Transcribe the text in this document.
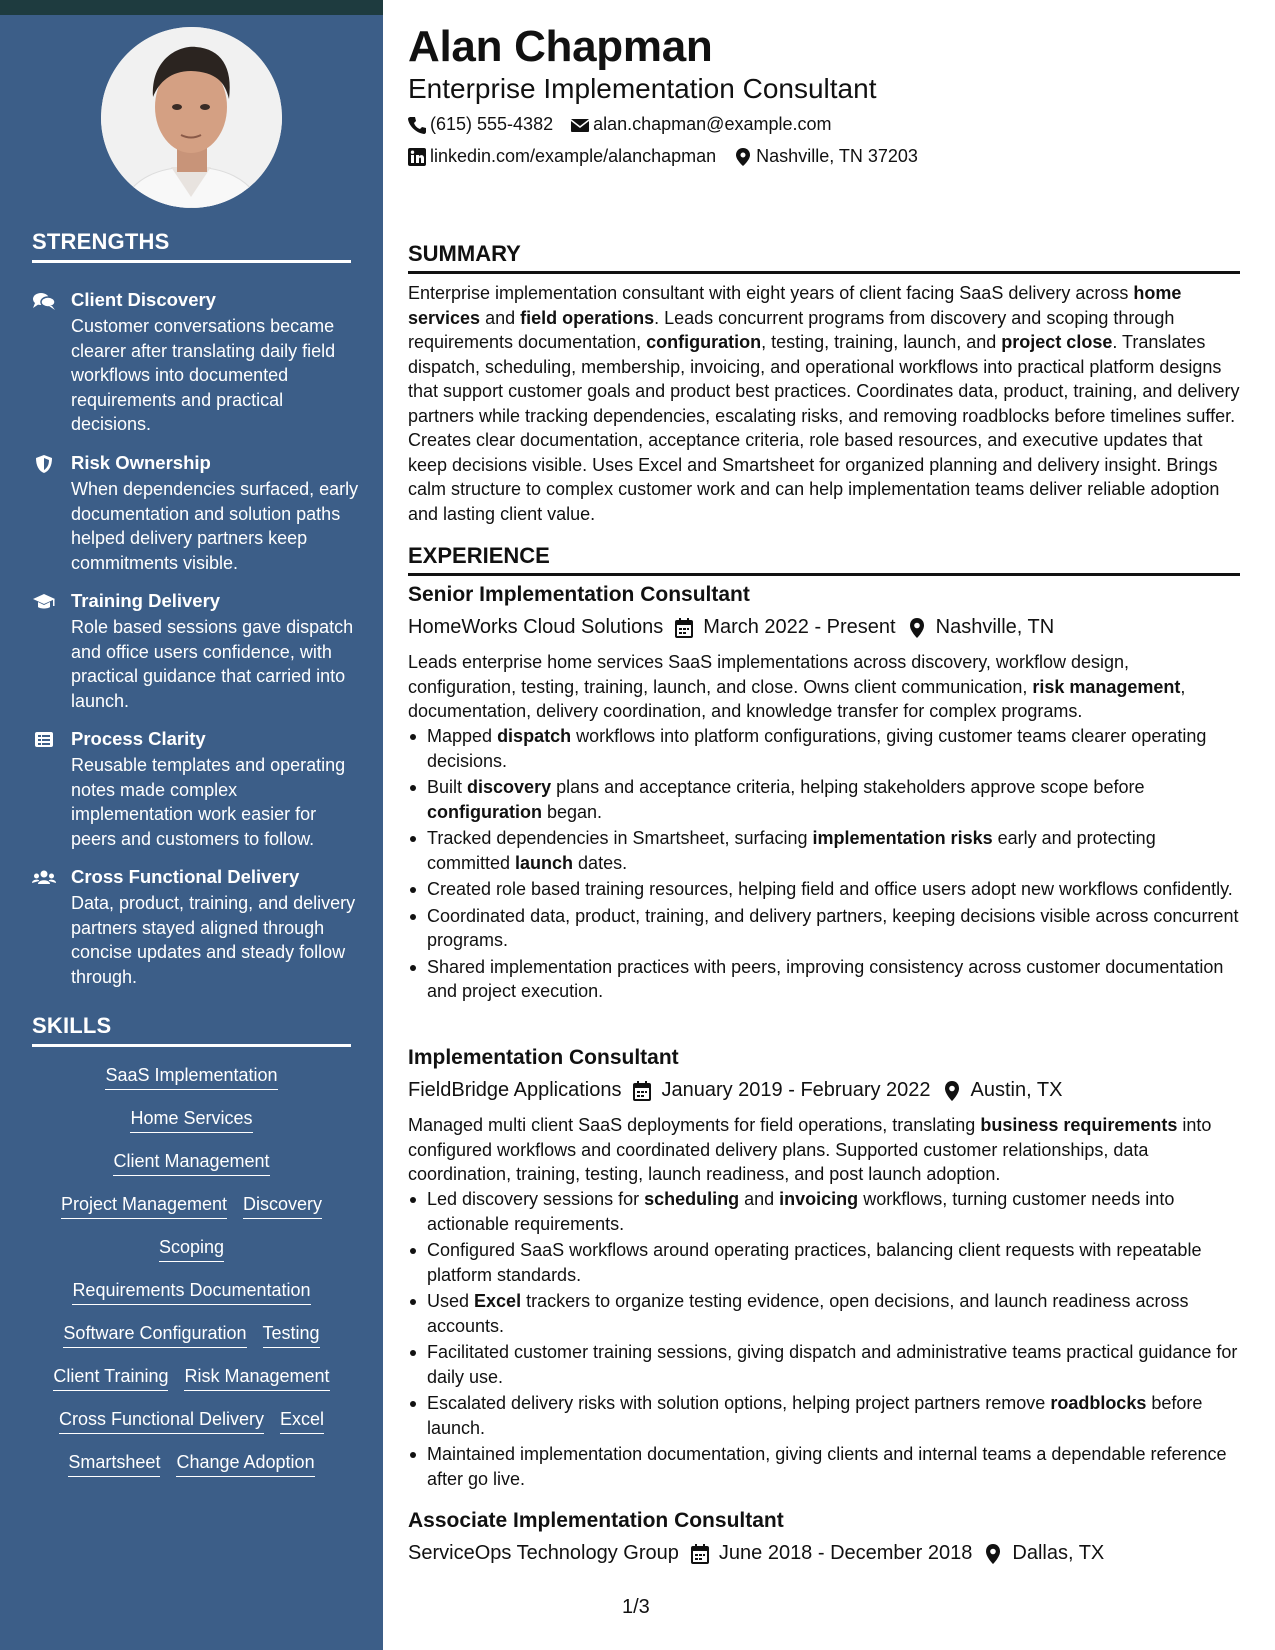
STRENGTHS
Client Discovery
Customer conversations became clearer after translating daily field workflows into documented requirements and practical decisions.
Risk Ownership
When dependencies surfaced, early documentation and solution paths helped delivery partners keep commitments visible.
Training Delivery
Role based sessions gave dispatch and office users confidence, with practical guidance that carried into launch.
Process Clarity
Reusable templates and operating notes made complex implementation work easier for peers and customers to follow.
Cross Functional Delivery
Data, product, training, and delivery partners stayed aligned through concise updates and steady follow through.
SKILLS
SaaS Implementation
Home Services
Client Management
Project Management Discovery
Scoping
Requirements Documentation
Software Configuration Testing
Client Training Risk Management
Cross Functional Delivery Excel
Smartsheet Change Adoption
Alan Chapman
Enterprise Implementation Consultant
(615) 555-4382 alan.chapman@example.com
linkedin.com/example/alanchapman Nashville, TN 37203
SUMMARY
Enterprise implementation consultant with eight years of client facing SaaS delivery across home services and field operations. Leads concurrent programs from discovery and scoping through requirements documentation, configuration, testing, training, launch, and project close. Translates dispatch, scheduling, membership, invoicing, and operational workflows into practical platform designs that support customer goals and product best practices. Coordinates data, product, training, and delivery partners while tracking dependencies, escalating risks, and removing roadblocks before timelines suffer. Creates clear documentation, acceptance criteria, role based resources, and executive updates that keep decisions visible. Uses Excel and Smartsheet for organized planning and delivery insight. Brings calm structure to complex customer work and can help implementation teams deliver reliable adoption and lasting client value.
EXPERIENCE
Senior Implementation Consultant
HomeWorks Cloud Solutions March 2022 - Present Nashville, TN
Leads enterprise home services SaaS implementations across discovery, workflow design, configuration, testing, training, launch, and close. Owns client communication, risk management, documentation, delivery coordination, and knowledge transfer for complex programs.
Mapped dispatch workflows into platform configurations, giving customer teams clearer operating decisions.
Built discovery plans and acceptance criteria, helping stakeholders approve scope before configuration began.
Tracked dependencies in Smartsheet, surfacing implementation risks early and protecting committed launch dates.
Created role based training resources, helping field and office users adopt new workflows confidently.
Coordinated data, product, training, and delivery partners, keeping decisions visible across concurrent programs.
Shared implementation practices with peers, improving consistency across customer documentation and project execution.
Implementation Consultant
FieldBridge Applications January 2019 - February 2022 Austin, TX
Managed multi client SaaS deployments for field operations, translating business requirements into configured workflows and coordinated delivery plans. Supported customer relationships, data coordination, training, testing, launch readiness, and post launch adoption.
Led discovery sessions for scheduling and invoicing workflows, turning customer needs into actionable requirements.
Configured SaaS workflows around operating practices, balancing client requests with repeatable platform standards.
Used Excel trackers to organize testing evidence, open decisions, and launch readiness across accounts.
Facilitated customer training sessions, giving dispatch and administrative teams practical guidance for daily use.
Escalated delivery risks with solution options, helping project partners remove roadblocks before launch.
Maintained implementation documentation, giving clients and internal teams a dependable reference after go live.
Associate Implementation Consultant
ServiceOps Technology Group June 2018 - December 2018 Dallas, TX
1/3
